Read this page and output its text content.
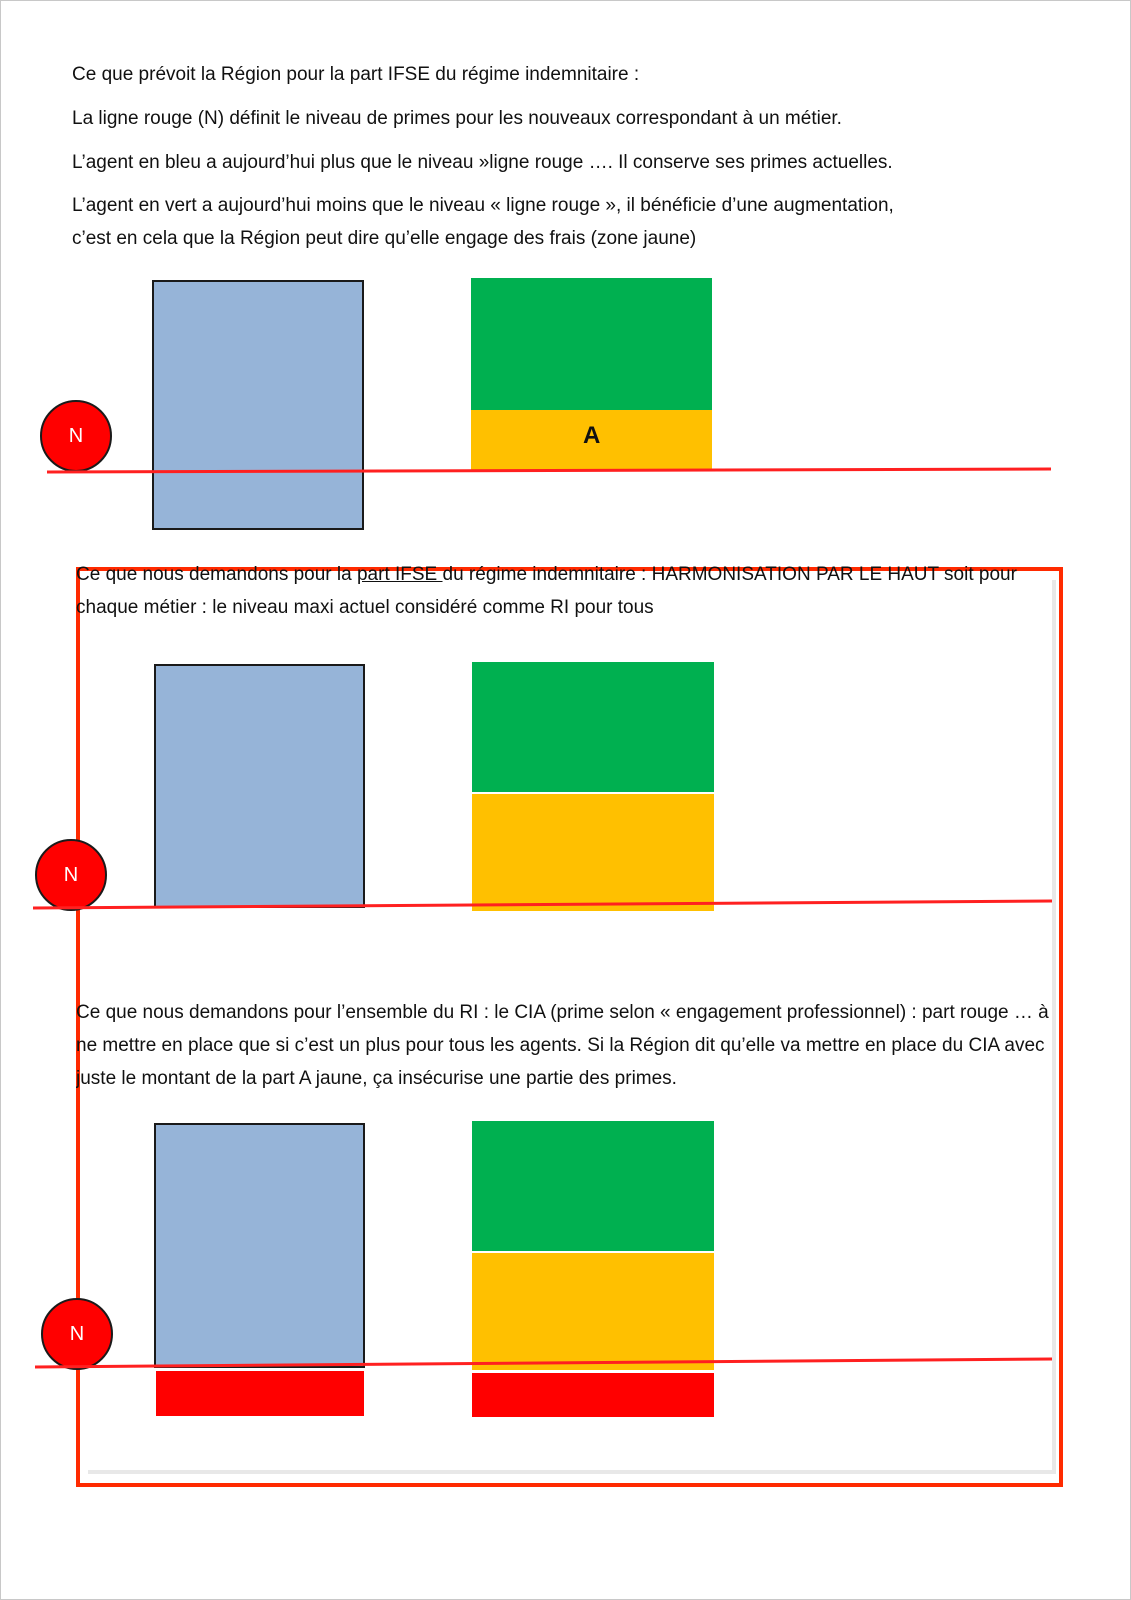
Ce que prévoit la Région pour la part IFSE du régime indemnitaire :
La ligne rouge (N) définit le niveau de primes pour les nouveaux correspondant à un métier.
L’agent en bleu a aujourd’hui plus que le niveau »ligne rouge …. Il conserve ses primes actuelles.
L’agent en vert a aujourd’hui moins que le niveau « ligne rouge », il bénéficie d’une augmentation,
c’est en cela que la Région peut dire qu’elle engage des frais (zone jaune)
A
N
Ce que nous demandons pour la part IFSE du régime indemnitaire : HARMONISATION PAR LE HAUT soit pour chaque métier : le niveau maxi actuel considéré comme RI pour tous
N
Ce que nous demandons pour l’ensemble du RI : le CIA (prime selon « engagement professionnel) : part rouge … à ne mettre en place que si c’est un plus pour tous les agents. Si la Région dit qu’elle va mettre en place du CIA avec juste le montant de la part A jaune, ça insécurise une partie des primes.
N
